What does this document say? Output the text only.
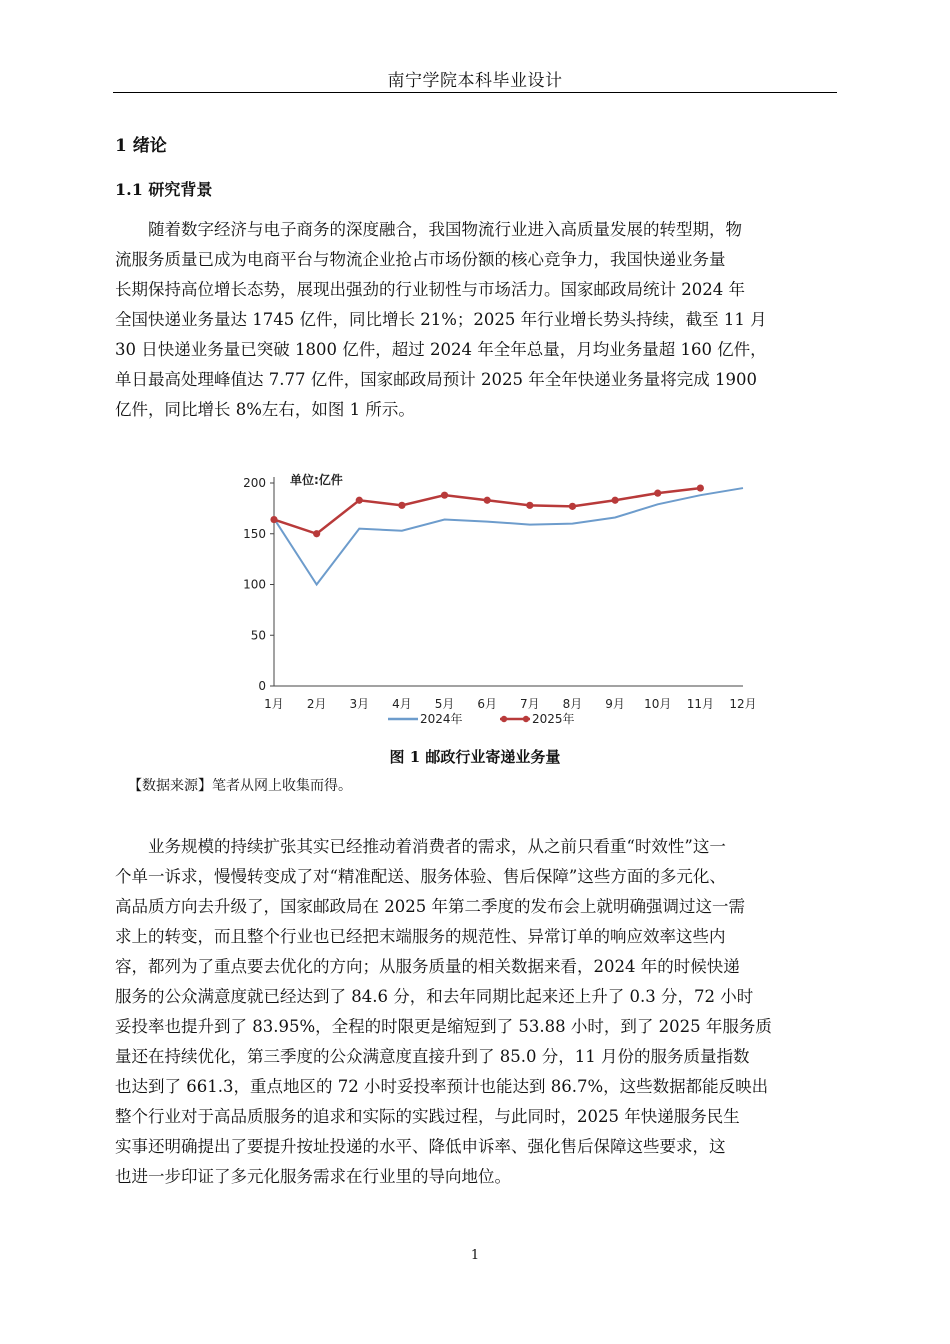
南宁学院本科毕业设计
1 绪论
1.1 研究背景
随着数字经济与电子商务的深度融合，我国物流行业进入高质量发展的转型期，物
流服务质量已成为电商平台与物流企业抢占市场份额的核心竞争力，我国快递业务量
长期保持高位增长态势，展现出强劲的行业韧性与市场活力。国家邮政局统计 2024 年
全国快递业务量达 1745 亿件，同比增长 21%；2025 年行业增长势头持续，截至 11 月
30 日快递业务量已突破 1800 亿件，超过 2024 年全年总量，月均业务量超 160 亿件，
单日最高处理峰值达 7.77 亿件，国家邮政局预计 2025 年全年快递业务量将完成 1900
亿件，同比增长 8%左右，如图 1 所示。
0
50
100
150
200
1月 2月 3月 4月 5月 6月 7月 8月 9月 10月 11月 12月
单位:亿件
2024年	2025年
图 1 邮政行业寄递业务量
【数据来源】笔者从网上收集而得。
业务规模的持续扩张其实已经推动着消费者的需求，从之前只看重“时效性”这一
个单一诉求，慢慢转变成了对“精准配送、服务体验、售后保障”这些方面的多元化、
高品质方向去升级了，国家邮政局在 2025 年第二季度的发布会上就明确强调过这一需
求上的转变，而且整个行业也已经把末端服务的规范性、异常订单的响应效率这些内
容，都列为了重点要去优化的方向；从服务质量的相关数据来看，2024 年的时候快递
服务的公众满意度就已经达到了 84.6 分，和去年同期比起来还上升了 0.3 分，72 小时
妥投率也提升到了 83.95%，全程的时限更是缩短到了 53.88 小时，到了 2025 年服务质
量还在持续优化，第三季度的公众满意度直接升到了 85.0 分，11 月份的服务质量指数
也达到了 661.3，重点地区的 72 小时妥投率预计也能达到 86.7%，这些数据都能反映出
整个行业对于高品质服务的追求和实际的实践过程，与此同时，2025 年快递服务民生
实事还明确提出了要提升按址投递的水平、降低申诉率、强化售后保障这些要求，这
也进一步印证了多元化服务需求在行业里的导向地位。
1
